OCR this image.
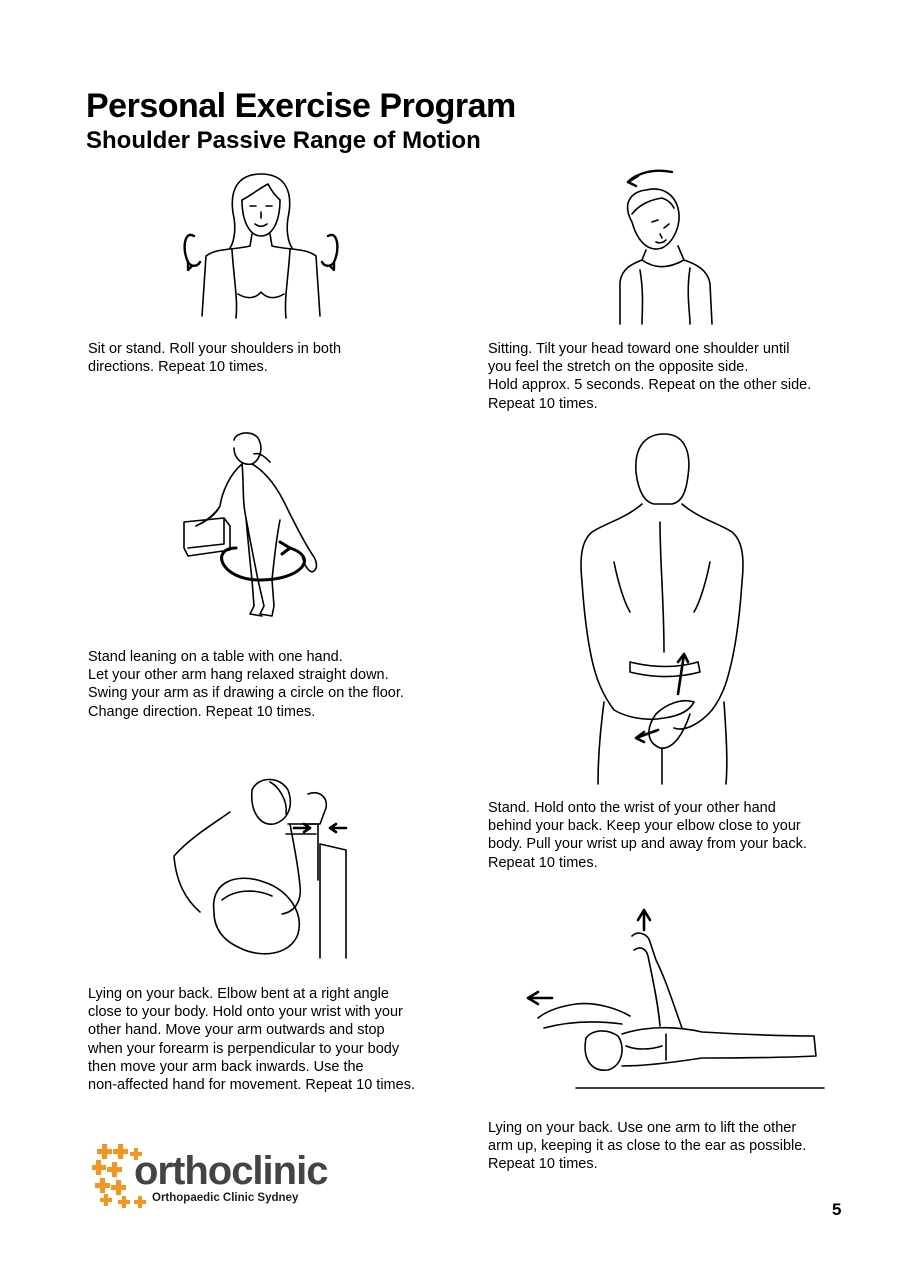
Personal Exercise Program
Shoulder Passive Range of Motion

Sit or stand. Roll your shoulders in both
directions. Repeat 10 times.

Sitting. Tilt your head toward one shoulder until
you feel the stretch on the opposite side.
Hold approx. 5 seconds. Repeat on the other side.
Repeat 10 times.

Stand leaning on a table with one hand.
Let your other arm hang relaxed straight down.
Swing your arm as if drawing a circle on the floor.
Change direction. Repeat 10 times.

Stand. Hold onto the wrist of your other hand
behind your back. Keep your elbow close to your
body. Pull your wrist up and away from your back.
Repeat 10 times.

Lying on your back. Elbow bent at a right angle
close to your body. Hold onto your wrist with your
other hand. Move your arm outwards and stop
when your forearm is perpendicular to your body
then move your arm back inwards. Use the
non-affected hand for movement. Repeat 10 times.

Lying on your back. Use one arm to lift the other
arm up, keeping it as close to the ear as possible.
Repeat 10 times.

orthoclinic
Orthopaedic Clinic Sydney
5
